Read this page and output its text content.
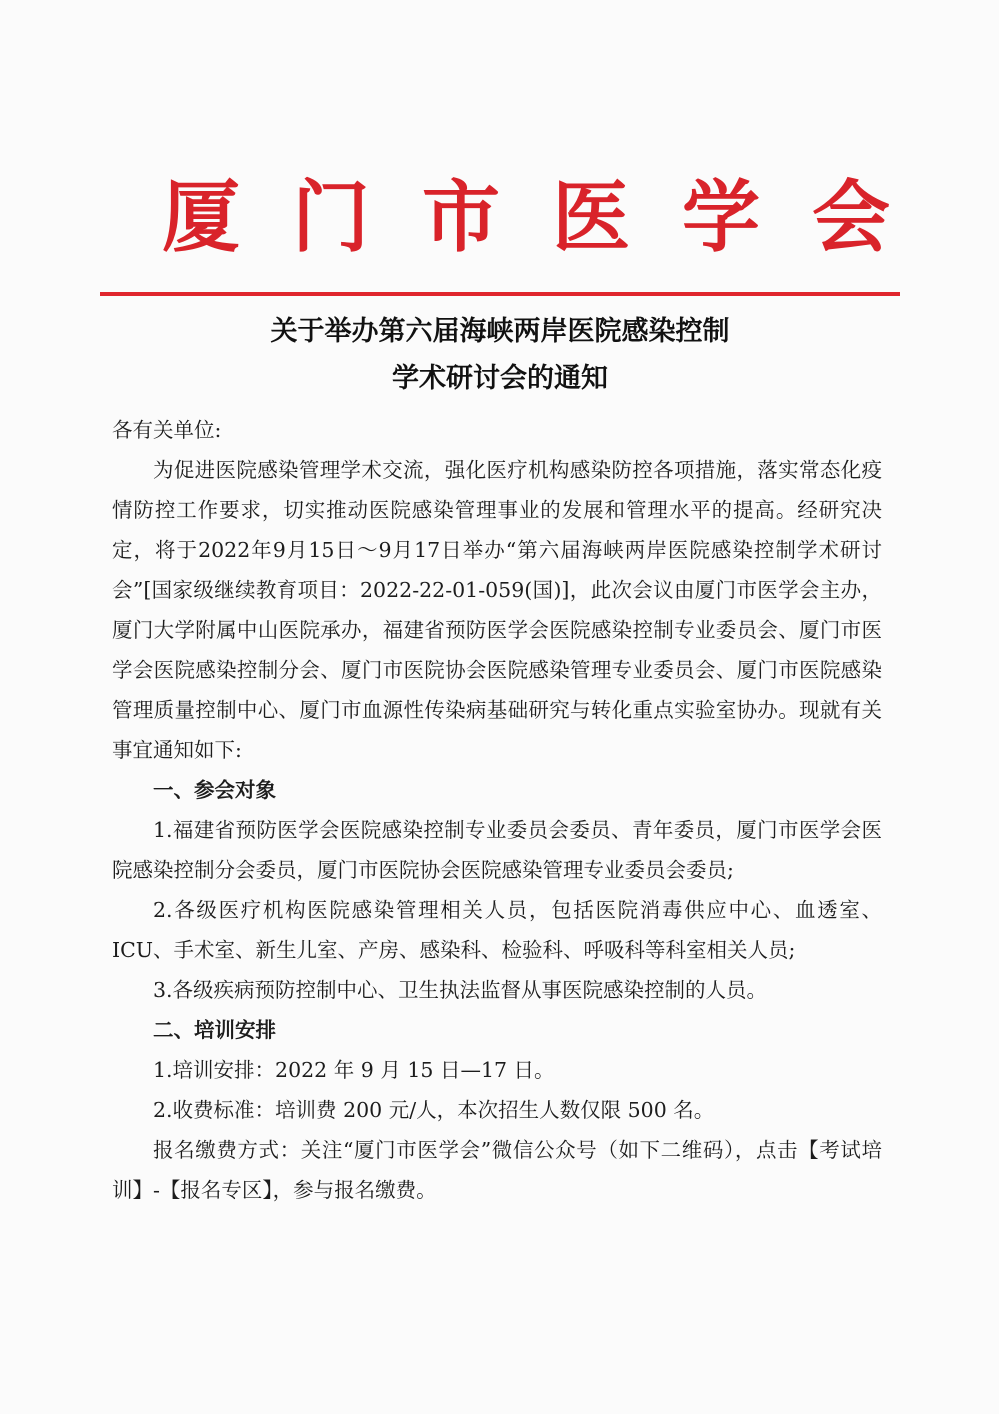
厦门市医学会
关于举办第六届海峡两岸医院感染控制
学术研讨会的通知

各有关单位:

为促进医院感染管理学术交流，强化医疗机构感染防控各项措施，落实常态化疫情防控工作要求，切实推动医院感染管理事业的发展和管理水平的提高。经研究决定，将于2022年9月15日～9月17日举办“第六届海峡两岸医院感染控制学术研讨会”[国家级继续教育项目：2022-22-01-059(国)]，此次会议由厦门市医学会主办，厦门大学附属中山医院承办，福建省预防医学会医院感染控制专业委员会、厦门市医学会医院感染控制分会、厦门市医院协会医院感染管理专业委员会、厦门市医院感染管理质量控制中心、厦门市血源性传染病基础研究与转化重点实验室协办。现就有关事宜通知如下:

一、参会对象

1.福建省预防医学会医院感染控制专业委员会委员、青年委员，厦门市医学会医院感染控制分会委员，厦门市医院协会医院感染管理专业委员会委员;

2.各级医疗机构医院感染管理相关人员，包括医院消毒供应中心、血透室、ICU、手术室、新生儿室、产房、感染科、检验科、呼吸科等科室相关人员;

3.各级疾病预防控制中心、卫生执法监督从事医院感染控制的人员。

二、培训安排

1.培训安排：2022 年 9 月 15 日—17 日。

2.收费标准：培训费 200 元/人，本次招生人数仅限 500 名。

报名缴费方式：关注“厦门市医学会”微信公众号（如下二维码），点击【考试培训】-【报名专区】，参与报名缴费。
